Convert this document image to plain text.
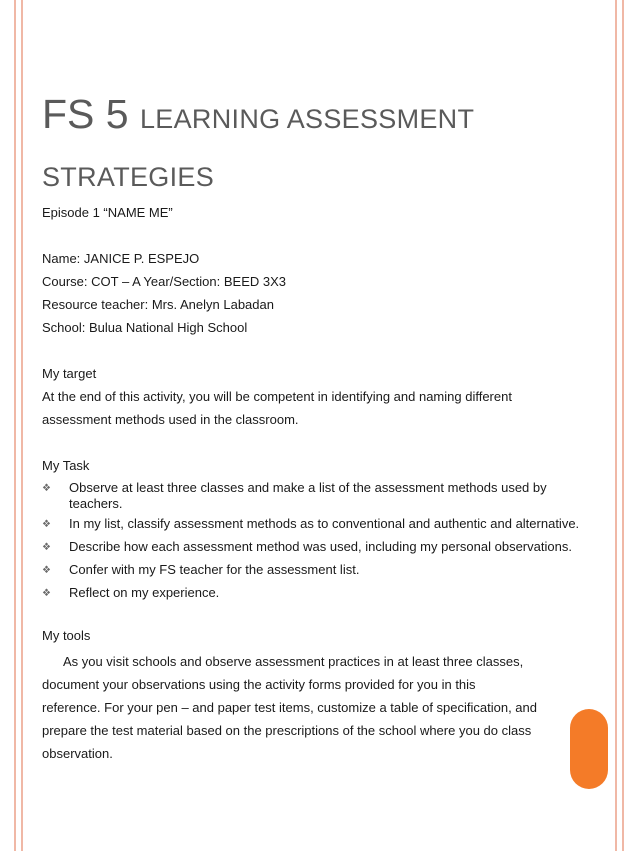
FS 5 LEARNING ASSESSMENT
STRATEGIES

Episode 1 “NAME ME”

Name: JANICE P. ESPEJO

Course: COT – A Year/Section: BEED 3X3

Resource teacher: Mrs. Anelyn Labadan

School: Bulua National High School

My target

At the end of this activity, you will be competent in identifying and naming different

assessment methods used in the classroom.

My Task

❖ Observe at least three classes and make a list of the assessment methods used by teachers.
❖ In my list, classify assessment methods as to conventional and authentic and alternative.
❖ Describe how each assessment method was used, including my personal observations.
❖ Confer with my FS teacher for the assessment list.
❖ Reflect on my experience.

My tools

As you visit schools and observe assessment practices in at least three classes,

document your observations using the activity forms provided for you in this

reference. For your pen – and paper test items, customize a table of specification, and

prepare the test material based on the prescriptions of the school where you do class

observation.
